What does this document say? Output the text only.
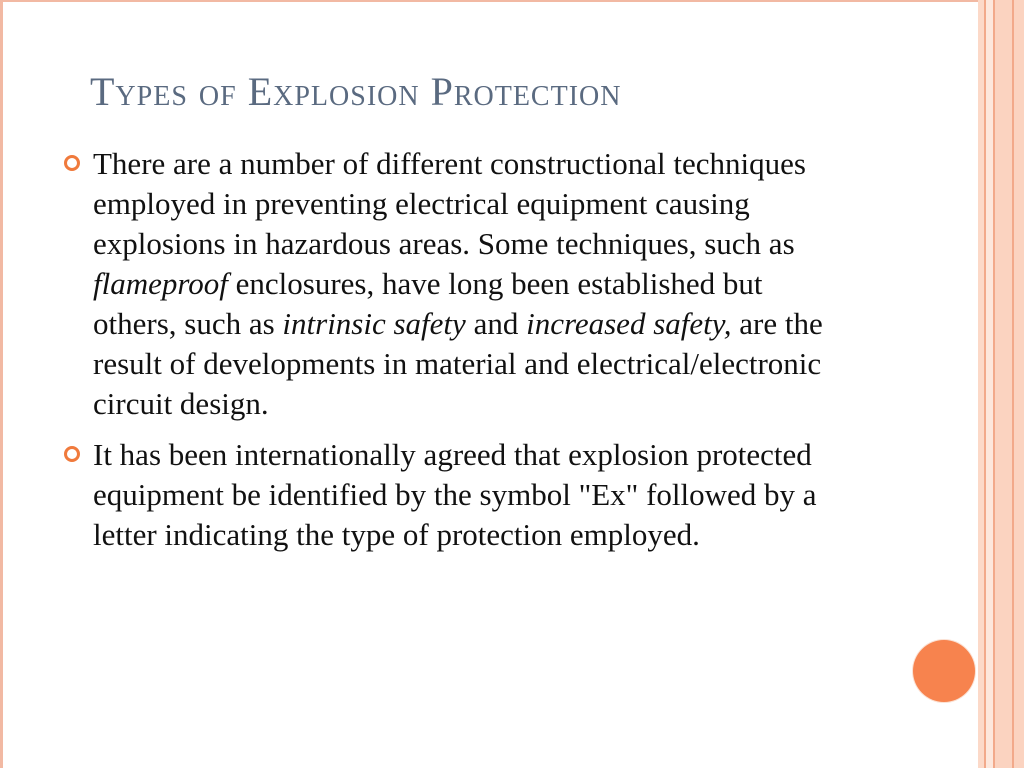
Types of Explosion Protection
There are a number of different constructional techniques employed in preventing electrical equipment causing explosions in hazardous areas. Some techniques, such as flameproof enclosures, have long been established but others, such as intrinsic safety and increased safety, are the result of developments in material and electrical/electronic circuit design.
It has been internationally agreed that explosion protected equipment be identified by the symbol "Ex" followed by a letter indicating the type of protection employed.
